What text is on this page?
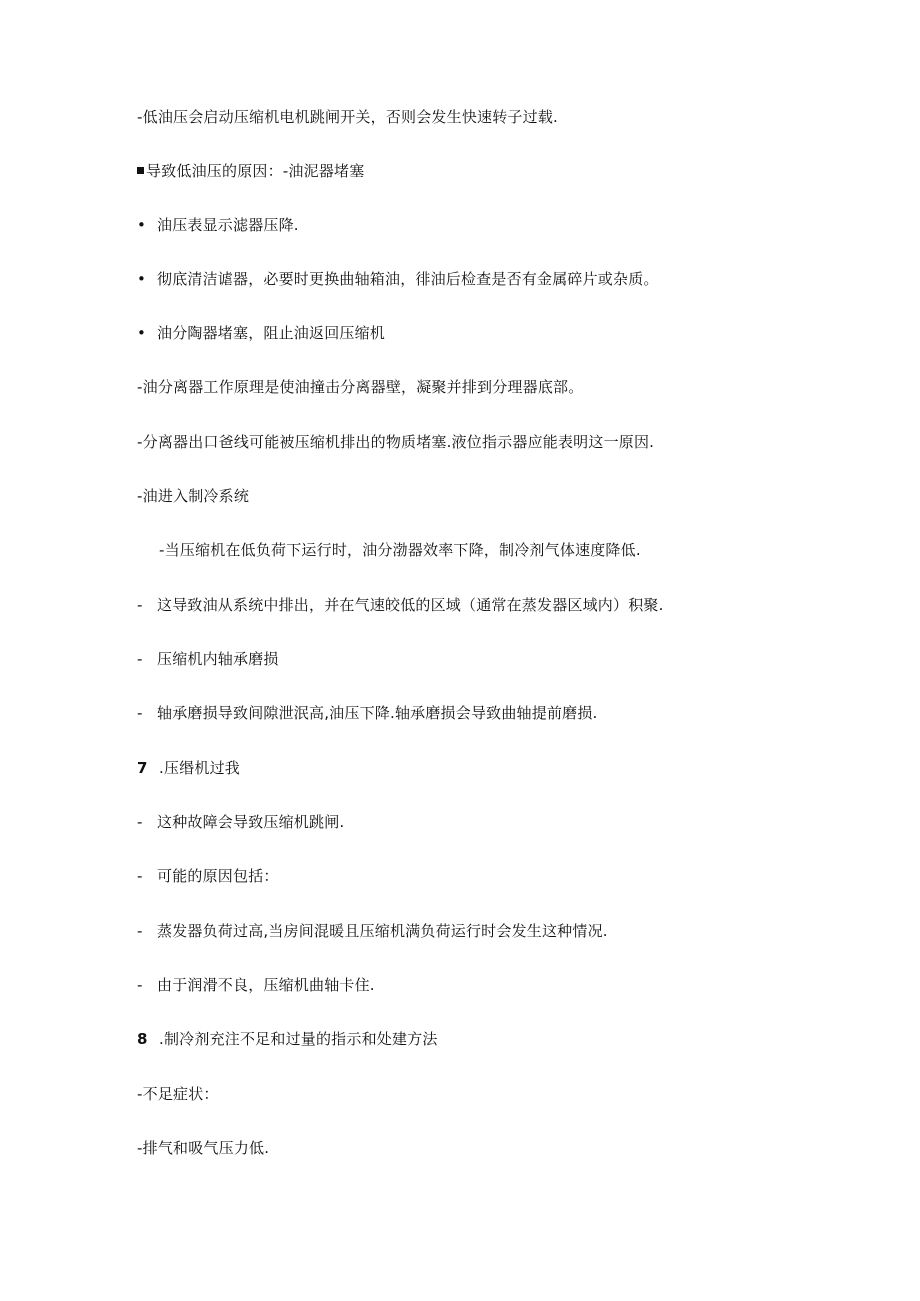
-低油压会启动压缩机电机跳闸开关，否则会发生快速转子过载.
导致低油压的原因：-油泥器堵塞
• 油压表显示滤器压降.
• 彻底清洁谑器，必要时更换曲轴箱油，徘油后检查是否有金属碎片或杂质。
• 油分陶器堵塞，阻止油返回压缩机
-油分离器工作原理是使油撞击分离器壁，凝聚并排到分理器底部。
-分离器出口爸线可能被压缩机排出的物质堵塞.液位指示器应能表明这一原因.
-油进入制冷系统
-当压缩机在低负荷下运行时，油分渤器效率下降，制冷剂气体速度降低.
- 这导致油从系统中排出，并在气速皎低的区域（通常在蒸发器区域内）积聚.
- 压缩机内轴承磨损
- 轴承磨损导致间隙泄泯高,油压下降.轴承磨损会导致曲轴提前磨损.
7 .压缗机过我
- 这种故障会导致压缩机跳闸.
- 可能的原因包括：
- 蒸发器负荷过高,当房间混暖且压缩机满负荷运行时会发生这种情况.
- 由于润滑不良，压缩机曲轴卡住.
8 .制冷剂充注不足和过量的指示和处建方法
-不足症状：
-排气和吸气压力低.
